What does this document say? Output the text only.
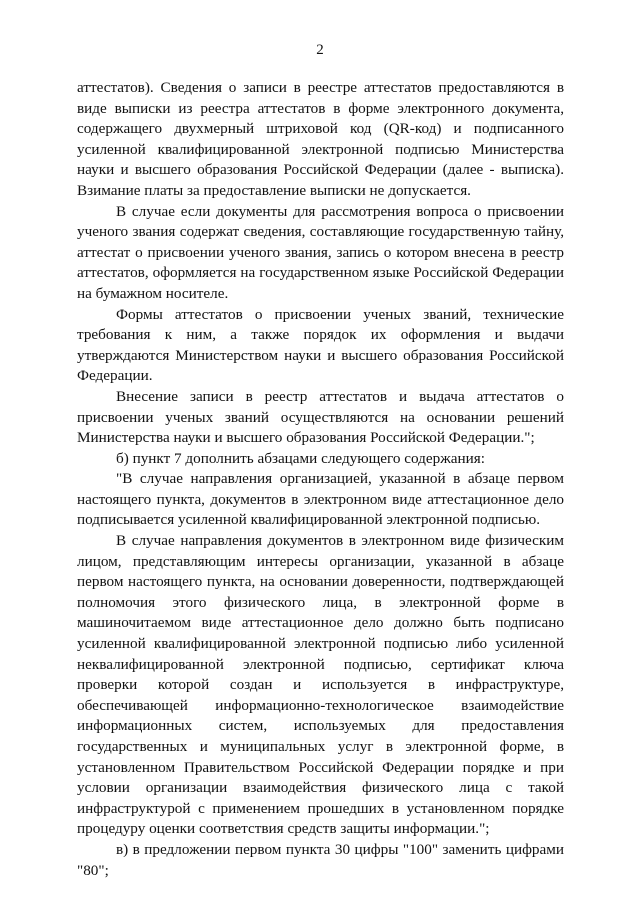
2

аттестатов). Сведения о записи в реестре аттестатов предоставляются в виде выписки из реестра аттестатов в форме электронного документа, содержащего двухмерный штриховой код (QR-код) и подписанного усиленной квалифицированной электронной подписью Министерства науки и высшего образования Российской Федерации (далее - выписка). Взимание платы за предоставление выписки не допускается.

В случае если документы для рассмотрения вопроса о присвоении ученого звания содержат сведения, составляющие государственную тайну, аттестат о присвоении ученого звания, запись о котором внесена в реестр аттестатов, оформляется на государственном языке Российской Федерации на бумажном носителе.

Формы аттестатов о присвоении ученых званий, технические требования к ним, а также порядок их оформления и выдачи утверждаются Министерством науки и высшего образования Российской Федерации.

Внесение записи в реестр аттестатов и выдача аттестатов о присвоении ученых званий осуществляются на основании решений Министерства науки и высшего образования Российской Федерации.";

б) пункт 7 дополнить абзацами следующего содержания:

"В случае направления организацией, указанной в абзаце первом настоящего пункта, документов в электронном виде аттестационное дело подписывается усиленной квалифицированной электронной подписью.

В случае направления документов в электронном виде физическим лицом, представляющим интересы организации, указанной в абзаце первом настоящего пункта, на основании доверенности, подтверждающей полномочия этого физического лица, в электронной форме в машиночитаемом виде аттестационное дело должно быть подписано усиленной квалифицированной электронной подписью либо усиленной неквалифицированной электронной подписью, сертификат ключа проверки которой создан и используется в инфраструктуре, обеспечивающей информационно-технологическое взаимодействие информационных систем, используемых для предоставления государственных и муниципальных услуг в электронной форме, в установленном Правительством Российской Федерации порядке и при условии организации взаимодействия физического лица с такой инфраструктурой с применением прошедших в установленном порядке процедуру оценки соответствия средств защиты информации.";

в) в предложении первом пункта 30 цифры "100" заменить цифрами "80";
